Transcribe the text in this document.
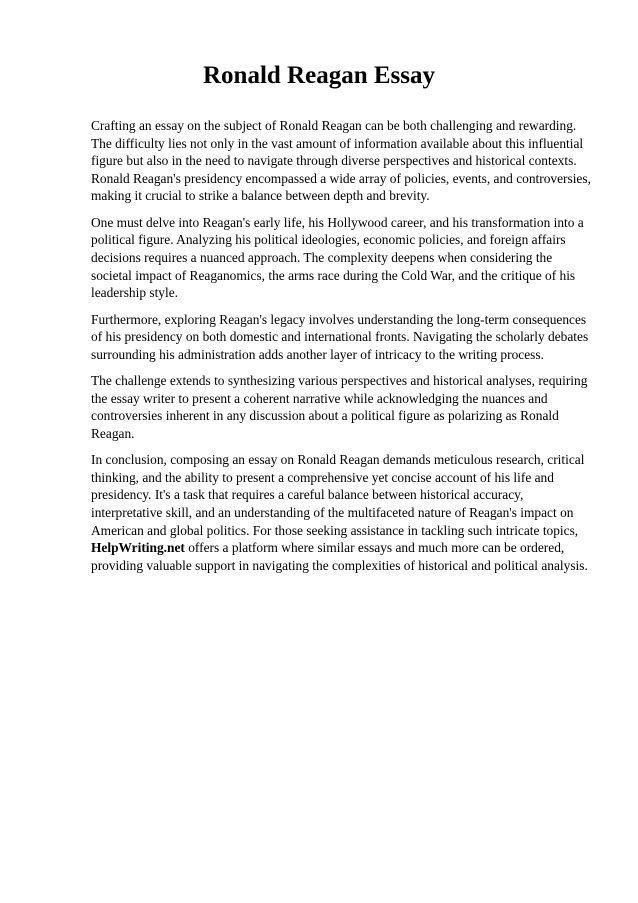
Ronald Reagan Essay

Crafting an essay on the subject of Ronald Reagan can be both challenging and rewarding. The difficulty lies not only in the vast amount of information available about this influential figure but also in the need to navigate through diverse perspectives and historical contexts. Ronald Reagan's presidency encompassed a wide array of policies, events, and controversies, making it crucial to strike a balance between depth and brevity.

One must delve into Reagan's early life, his Hollywood career, and his transformation into a political figure. Analyzing his political ideologies, economic policies, and foreign affairs decisions requires a nuanced approach. The complexity deepens when considering the societal impact of Reaganomics, the arms race during the Cold War, and the critique of his leadership style.

Furthermore, exploring Reagan's legacy involves understanding the long-term consequences of his presidency on both domestic and international fronts. Navigating the scholarly debates surrounding his administration adds another layer of intricacy to the writing process.

The challenge extends to synthesizing various perspectives and historical analyses, requiring the essay writer to present a coherent narrative while acknowledging the nuances and controversies inherent in any discussion about a political figure as polarizing as Ronald Reagan.

In conclusion, composing an essay on Ronald Reagan demands meticulous research, critical thinking, and the ability to present a comprehensive yet concise account of his life and presidency. It's a task that requires a careful balance between historical accuracy, interpretative skill, and an understanding of the multifaceted nature of Reagan's impact on American and global politics. For those seeking assistance in tackling such intricate topics, HelpWriting.net offers a platform where similar essays and much more can be ordered, providing valuable support in navigating the complexities of historical and political analysis.
